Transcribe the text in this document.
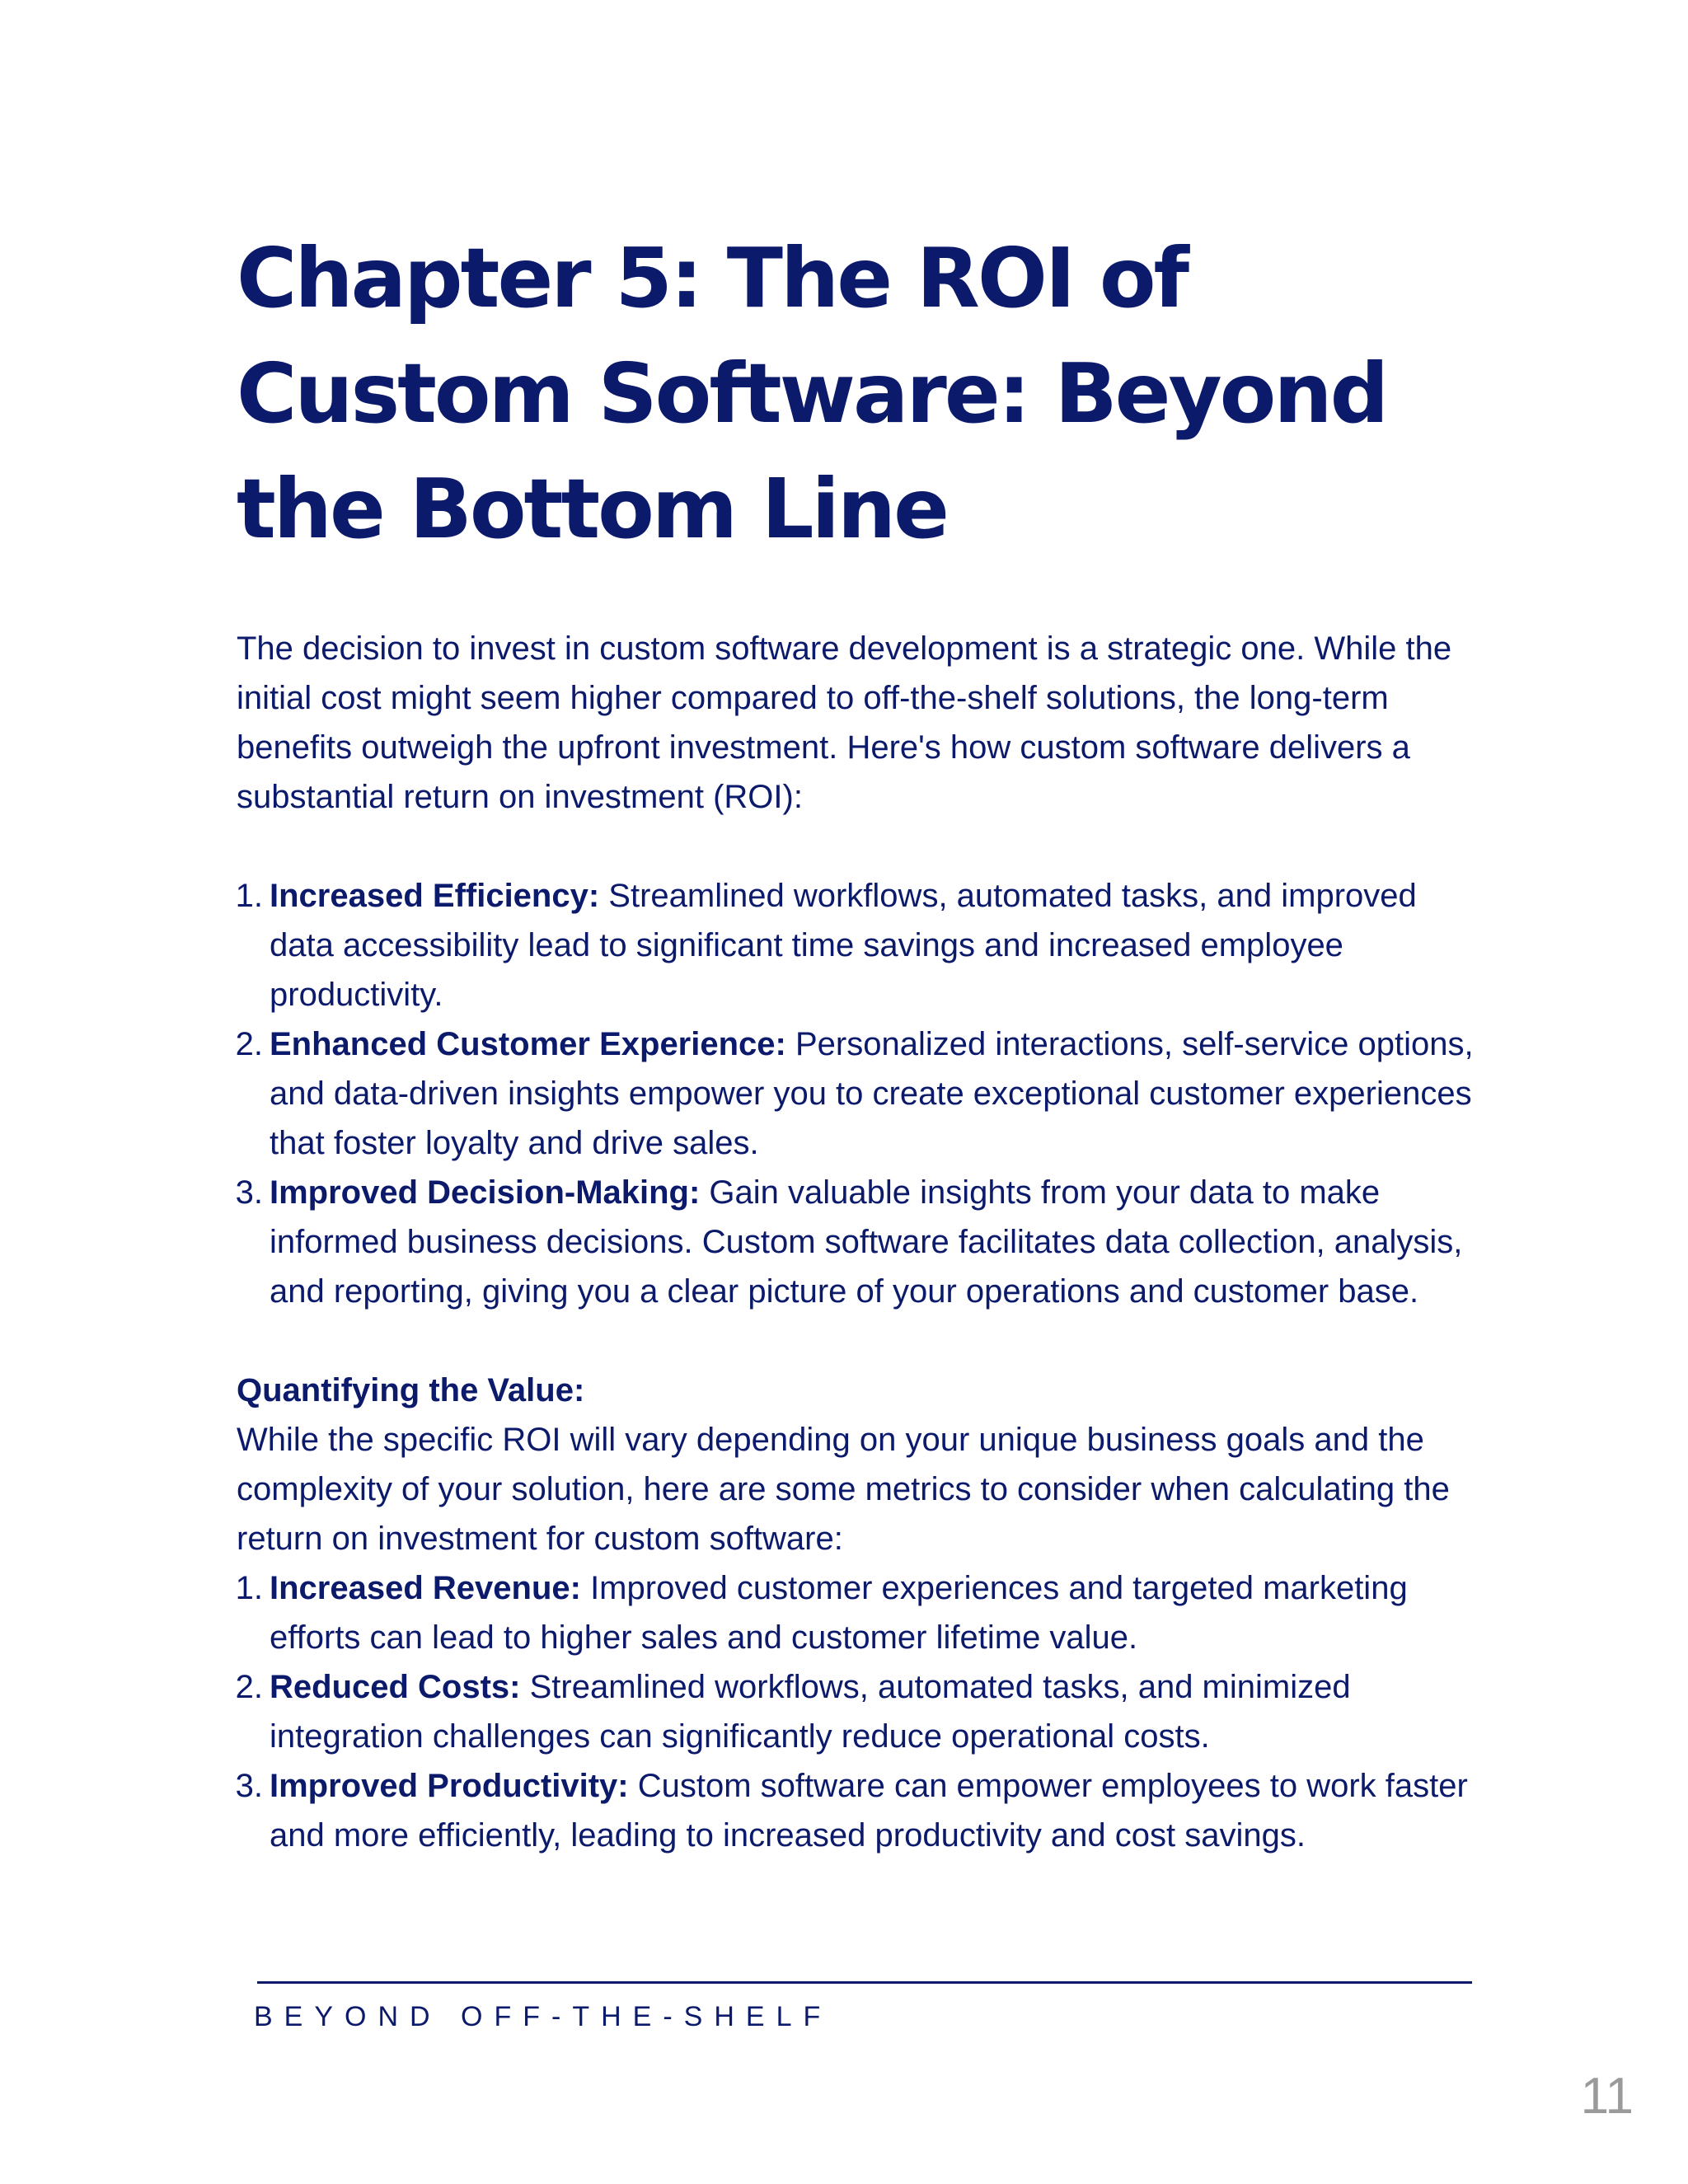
Chapter 5: The ROI of Custom Software: Beyond the Bottom Line

The decision to invest in custom software development is a strategic one. While the initial cost might seem higher compared to off-the-shelf solutions, the long-term benefits outweigh the upfront investment. Here's how custom software delivers a substantial return on investment (ROI):

1. Increased Efficiency: Streamlined workflows, automated tasks, and improved data accessibility lead to significant time savings and increased employee productivity.
2. Enhanced Customer Experience: Personalized interactions, self-service options, and data-driven insights empower you to create exceptional customer experiences that foster loyalty and drive sales.
3. Improved Decision-Making: Gain valuable insights from your data to make informed business decisions. Custom software facilitates data collection, analysis, and reporting, giving you a clear picture of your operations and customer base.

Quantifying the Value:

While the specific ROI will vary depending on your unique business goals and the complexity of your solution, here are some metrics to consider when calculating the return on investment for custom software:

1. Increased Revenue: Improved customer experiences and targeted marketing efforts can lead to higher sales and customer lifetime value.
2. Reduced Costs: Streamlined workflows, automated tasks, and minimized integration challenges can significantly reduce operational costs.
3. Improved Productivity: Custom software can empower employees to work faster and more efficiently, leading to increased productivity and cost savings.
BEYOND OFF-THE-SHELF
11
